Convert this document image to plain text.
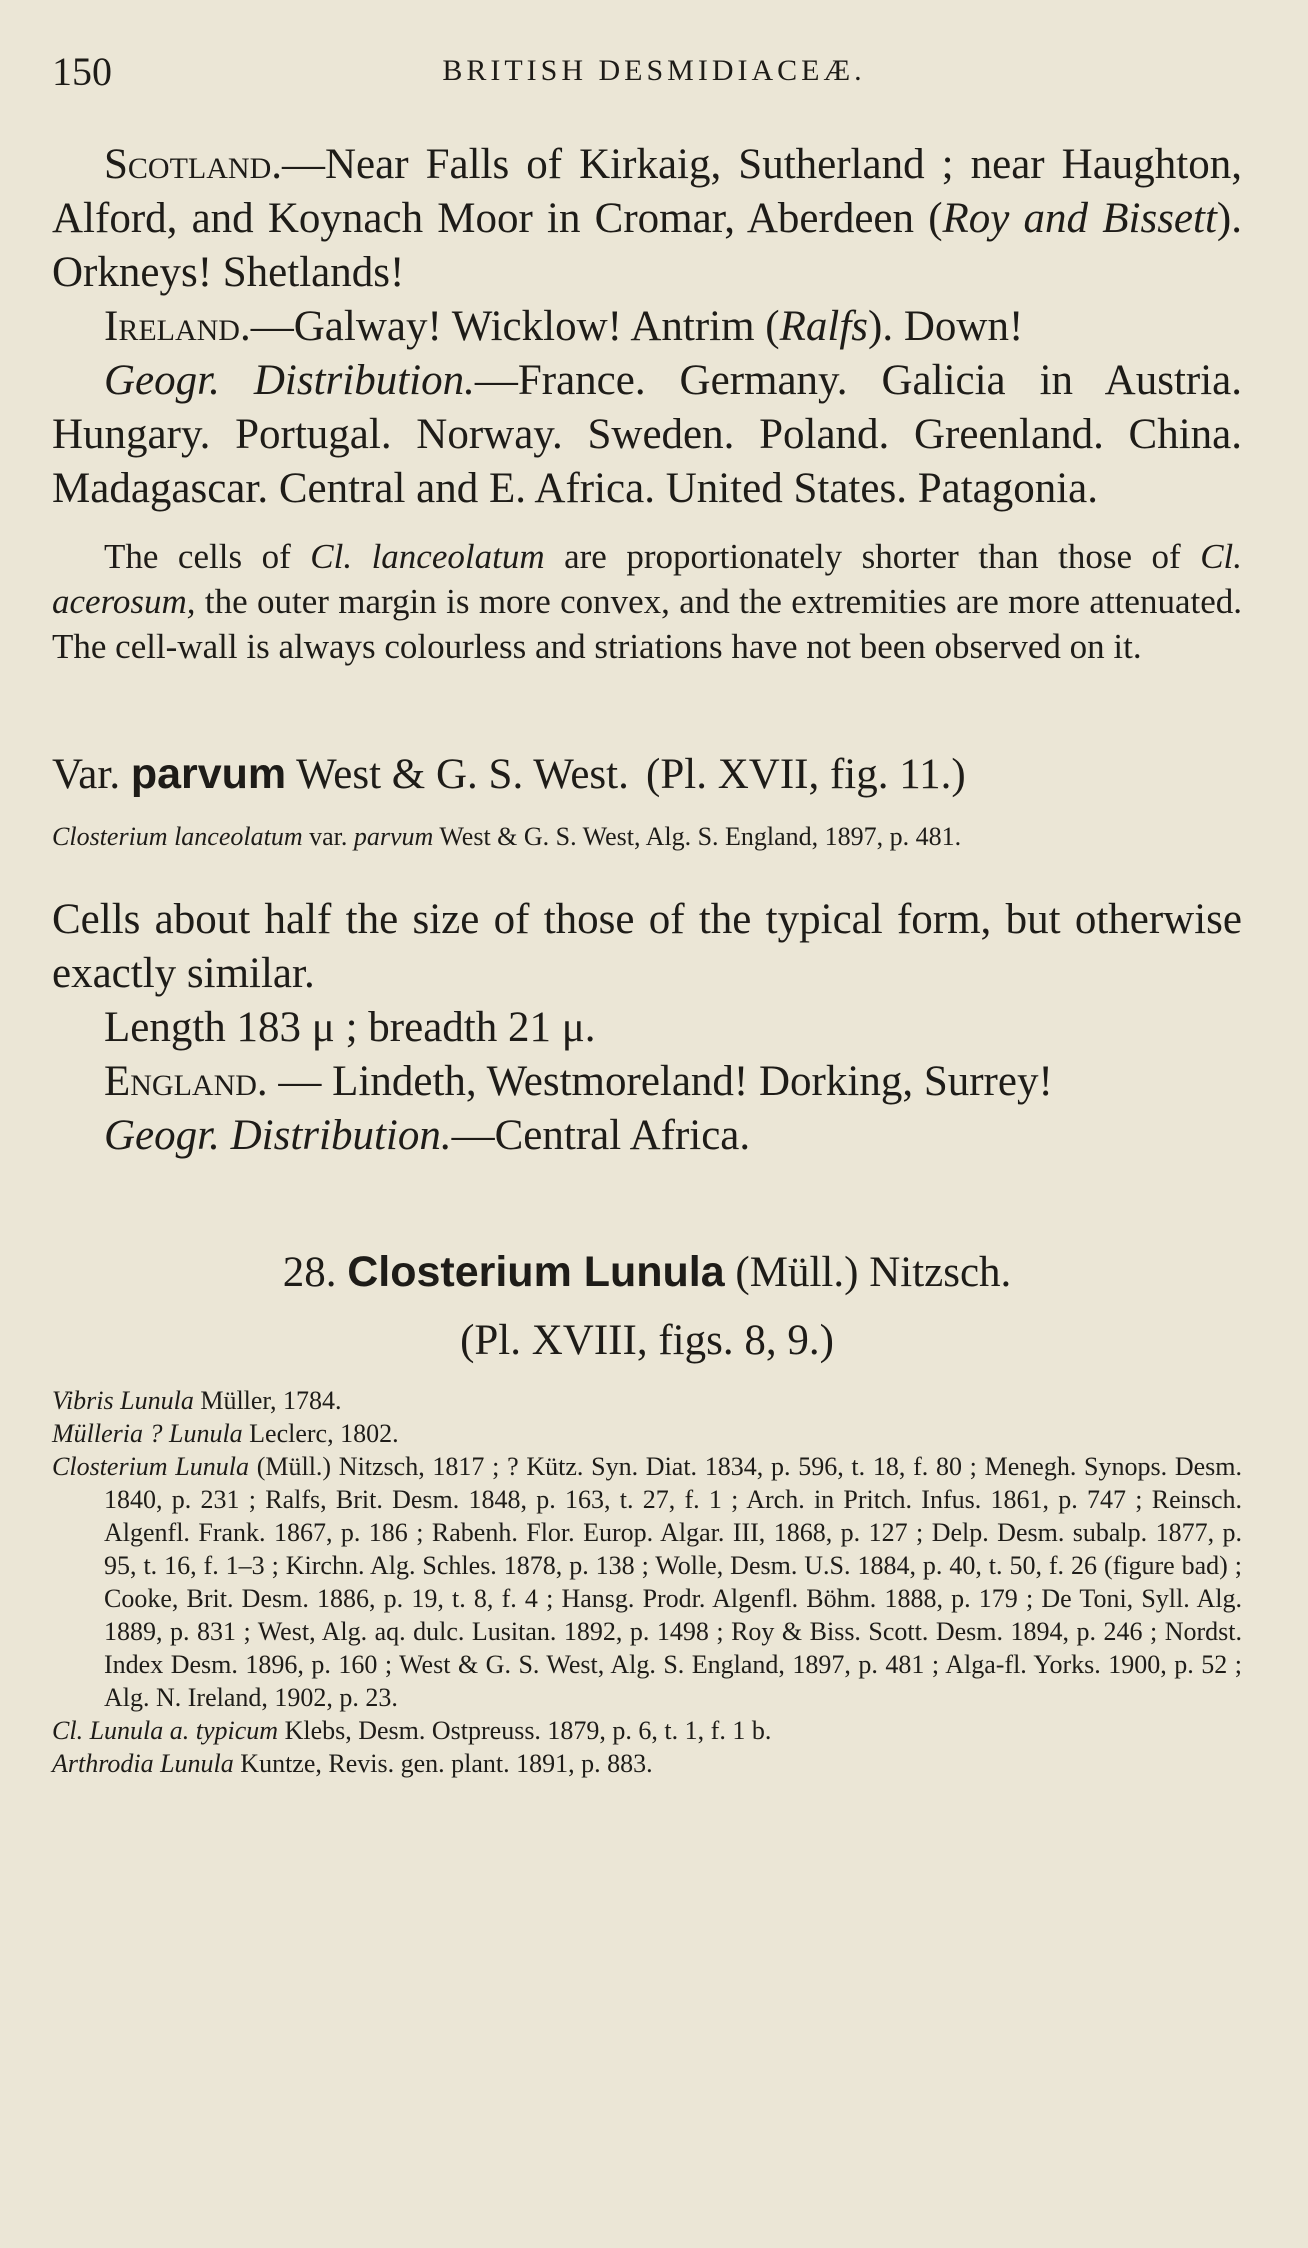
150	BRITISH DESMIDIACEÆ.

Scotland.—Near Falls of Kirkaig, Sutherland ; near Haughton, Alford, and Koynach Moor in Cromar, Aberdeen (Roy and Bissett). Orkneys! Shetlands!

Ireland.—Galway! Wicklow! Antrim (Ralfs). Down!

Geogr. Distribution.—France. Germany. Galicia in Austria. Hungary. Portugal. Norway. Sweden. Poland. Greenland. China. Madagascar. Central and E. Africa. United States. Patagonia.

The cells of Cl. lanceolatum are proportionately shorter than those of Cl. acerosum, the outer margin is more convex, and the extremities are more attenuated. The cell-wall is always colourless and striations have not been observed on it.

Var. parvum West & G. S. West. (Pl. XVII, fig. 11.)

Closterium lanceolatum var. parvum West & G. S. West, Alg. S. England, 1897, p. 481.

Cells about half the size of those of the typical form, but otherwise exactly similar.

Length 183 μ ; breadth 21 μ.

England. — Lindeth, Westmoreland! Dorking, Surrey!

Geogr. Distribution.—Central Africa.

28. Closterium Lunula (Müll.) Nitzsch.

(Pl. XVIII, figs. 8, 9.)

Vibris Lunula Müller, 1784.

Mülleria ? Lunula Leclerc, 1802.

Closterium Lunula (Müll.) Nitzsch, 1817 ; ? Kütz. Syn. Diat. 1834, p. 596, t. 18, f. 80 ; Menegh. Synops. Desm. 1840, p. 231 ; Ralfs, Brit. Desm. 1848, p. 163, t. 27, f. 1 ; Arch. in Pritch. Infus. 1861, p. 747 ; Reinsch. Algenfl. Frank. 1867, p. 186 ; Rabenh. Flor. Europ. Algar. III, 1868, p. 127 ; Delp. Desm. subalp. 1877, p. 95, t. 16, f. 1–3 ; Kirchn. Alg. Schles. 1878, p. 138 ; Wolle, Desm. U.S. 1884, p. 40, t. 50, f. 26 (figure bad) ; Cooke, Brit. Desm. 1886, p. 19, t. 8, f. 4 ; Hansg. Prodr. Algenfl. Böhm. 1888, p. 179 ; De Toni, Syll. Alg. 1889, p. 831 ; West, Alg. aq. dulc. Lusitan. 1892, p. 1498 ; Roy & Biss. Scott. Desm. 1894, p. 246 ; Nordst. Index Desm. 1896, p. 160 ; West & G. S. West, Alg. S. England, 1897, p. 481 ; Alga-fl. Yorks. 1900, p. 52 ; Alg. N. Ireland, 1902, p. 23.

Cl. Lunula a. typicum Klebs, Desm. Ostpreuss. 1879, p. 6, t. 1, f. 1 b.

Arthrodia Lunula Kuntze, Revis. gen. plant. 1891, p. 883.
